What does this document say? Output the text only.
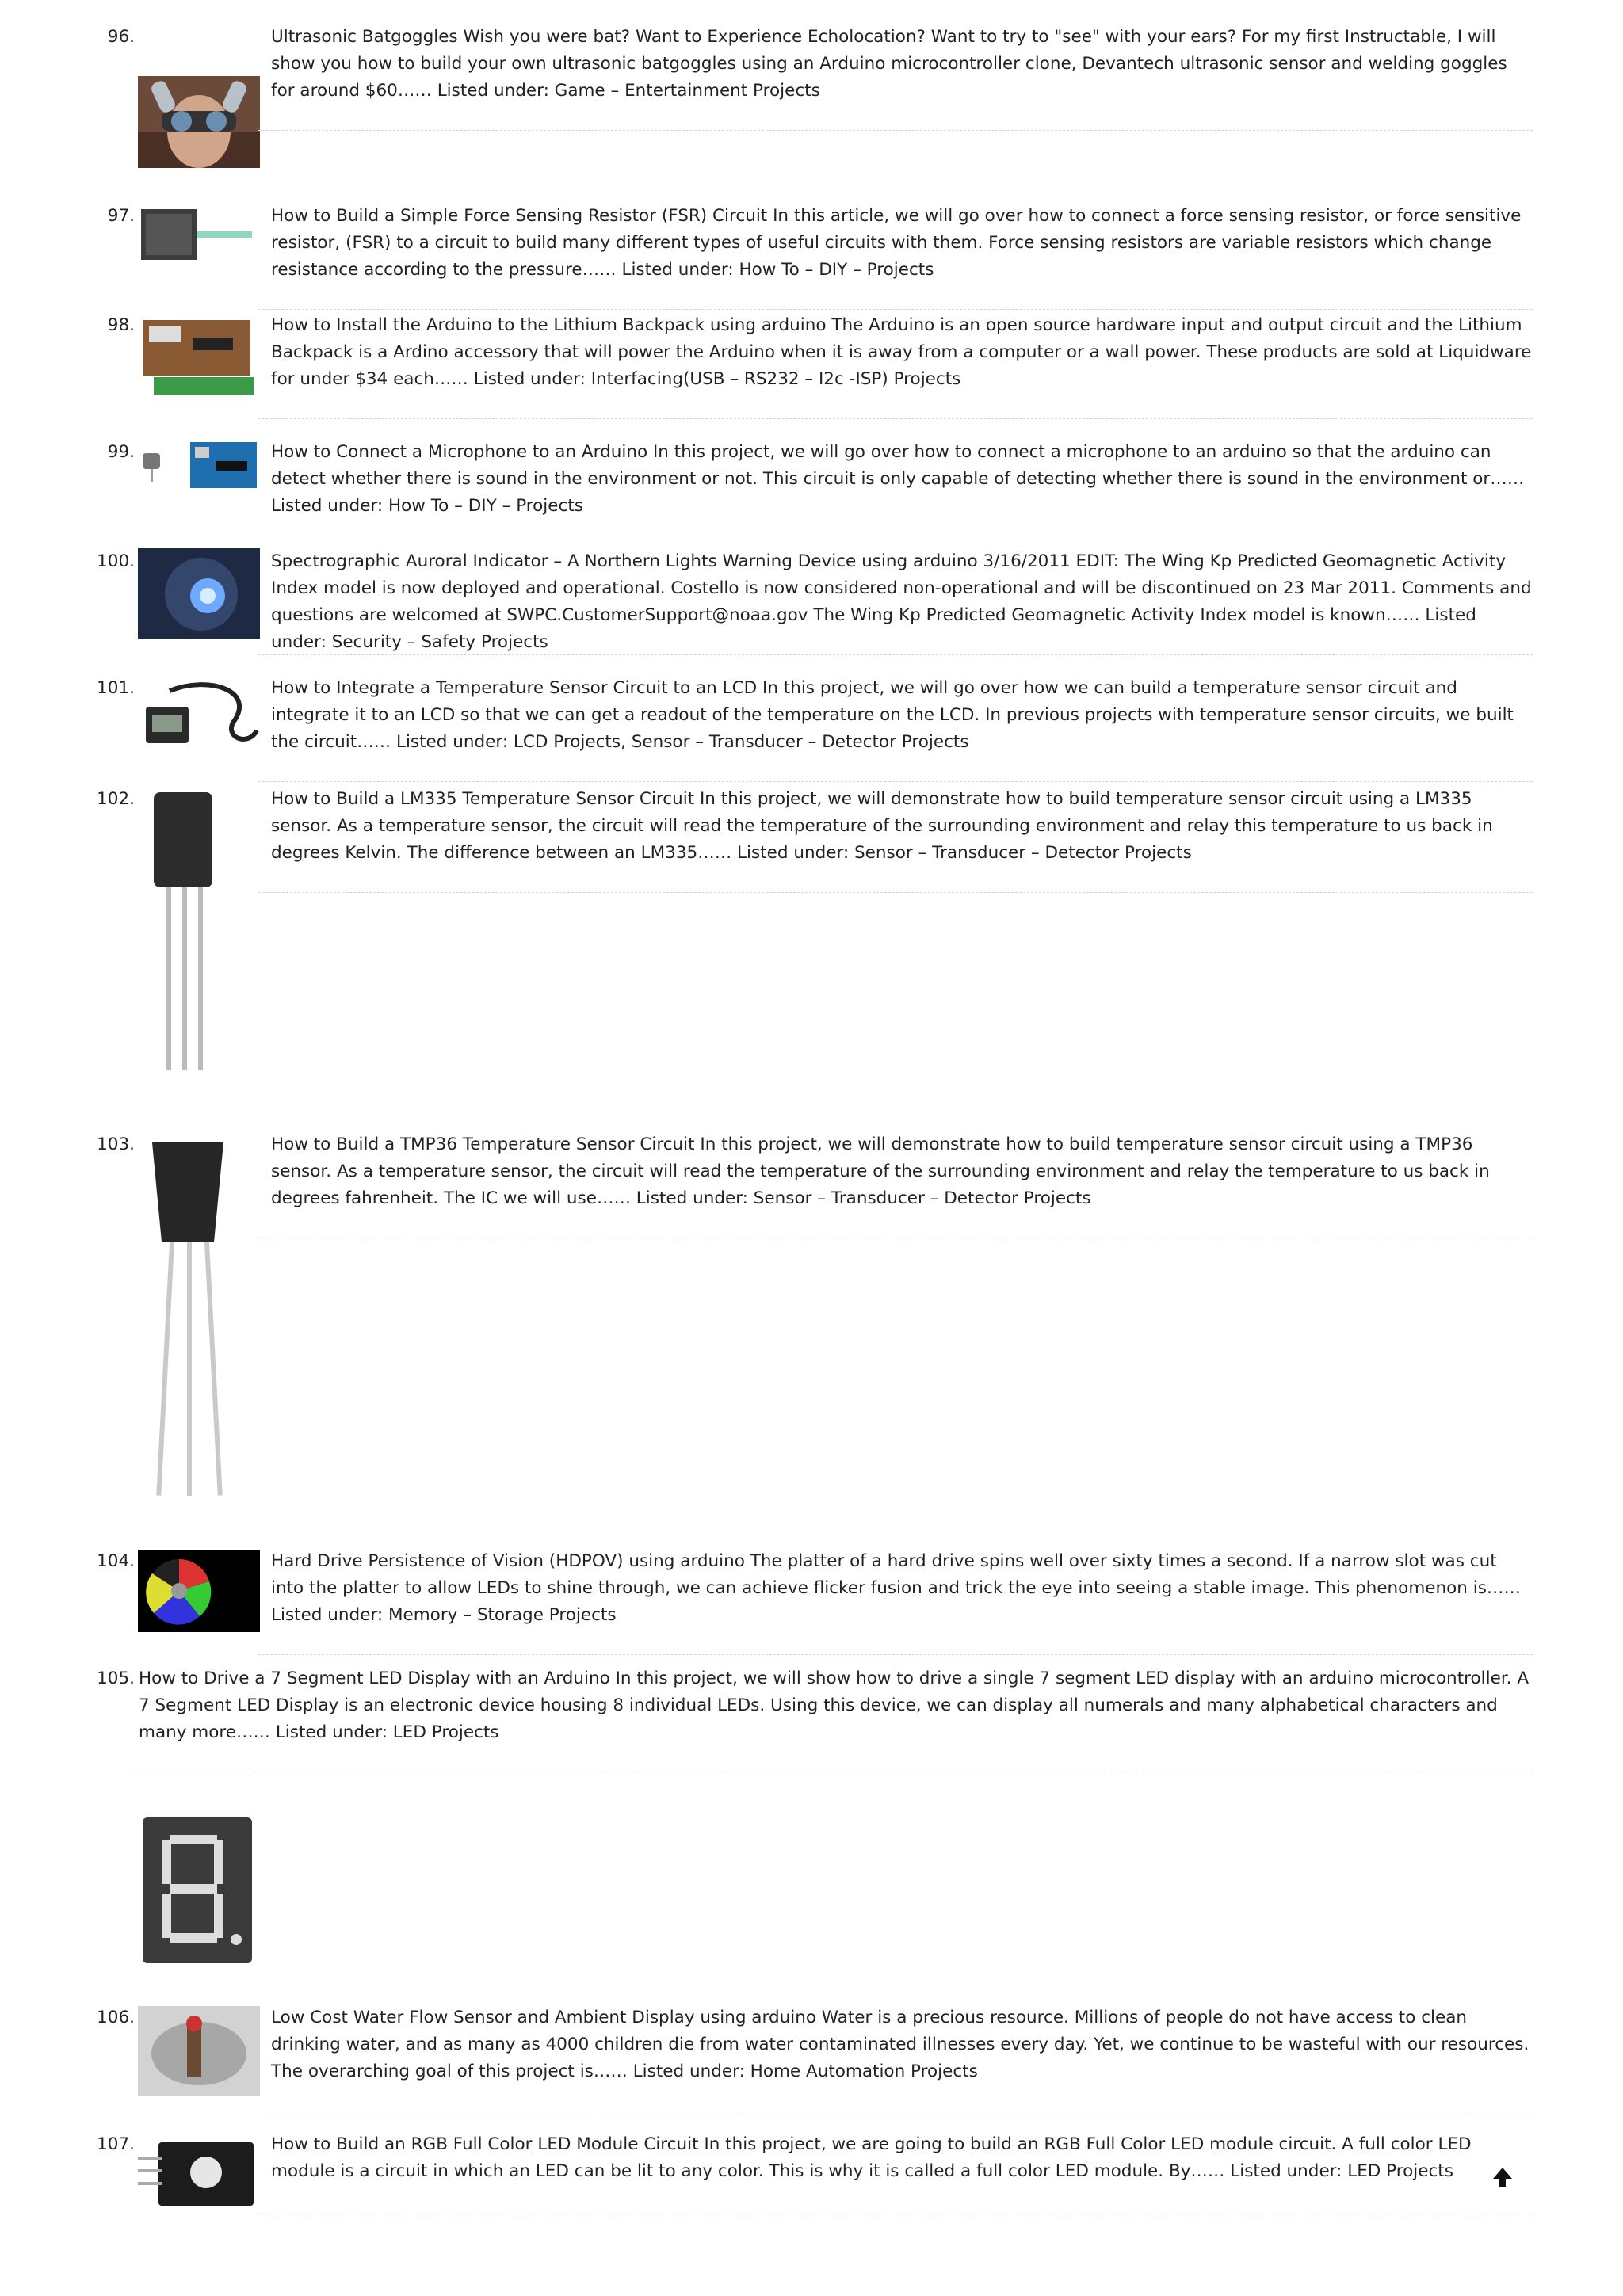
96.	Ultrasonic Batgoggles Wish you were bat? Want to Experience Echolocation? Want to try to "see" with your ears? For my first Instructable, I will show you how to build your own ultrasonic batgoggles using an Arduino microcontroller clone, Devantech ultrasonic sensor and welding goggles for around $60…… Listed under: Game – Entertainment Projects
97.	How to Build a Simple Force Sensing Resistor (FSR) Circuit In this article, we will go over how to connect a force sensing resistor, or force sensitive resistor, (FSR) to a circuit to build many different types of useful circuits with them. Force sensing resistors are variable resistors which change resistance according to the pressure…… Listed under: How To – DIY – Projects
98.	How to Install the Arduino to the Lithium Backpack using arduino The Arduino is an open source hardware input and output circuit and the Lithium Backpack is a Ardino accessory that will power the Arduino when it is away from a computer or a wall power. These products are sold at Liquidware for under $34 each…… Listed under: Interfacing(USB – RS232 – I2c -ISP) Projects
99.	How to Connect a Microphone to an Arduino In this project, we will go over how to connect a microphone to an arduino so that the arduino can detect whether there is sound in the environment or not. This circuit is only capable of detecting whether there is sound in the environment or…… Listed under: How To – DIY – Projects
100.	Spectrographic Auroral Indicator – A Northern Lights Warning Device using arduino 3/16/2011 EDIT: The Wing Kp Predicted Geomagnetic Activity Index model is now deployed and operational. Costello is now considered non-operational and will be discontinued on 23 Mar 2011. Comments and questions are welcomed at SWPC.CustomerSupport@noaa.gov The Wing Kp Predicted Geomagnetic Activity Index model is known…… Listed under: Security – Safety Projects
101.	How to Integrate a Temperature Sensor Circuit to an LCD In this project, we will go over how we can build a temperature sensor circuit and integrate it to an LCD so that we can get a readout of the temperature on the LCD. In previous projects with temperature sensor circuits, we built the circuit…… Listed under: LCD Projects, Sensor – Transducer – Detector Projects
102.	How to Build a LM335 Temperature Sensor Circuit In this project, we will demonstrate how to build temperature sensor circuit using a LM335 sensor. As a temperature sensor, the circuit will read the temperature of the surrounding environment and relay this temperature to us back in degrees Kelvin. The difference between an LM335…… Listed under: Sensor – Transducer – Detector Projects
103.	How to Build a TMP36 Temperature Sensor Circuit In this project, we will demonstrate how to build temperature sensor circuit using a TMP36 sensor. As a temperature sensor, the circuit will read the temperature of the surrounding environment and relay the temperature to us back in degrees fahrenheit. The IC we will use…… Listed under: Sensor – Transducer – Detector Projects
104.	Hard Drive Persistence of Vision (HDPOV) using arduino The platter of a hard drive spins well over sixty times a second. If a narrow slot was cut into the platter to allow LEDs to shine through, we can achieve flicker fusion and trick the eye into seeing a stable image. This phenomenon is…… Listed under: Memory – Storage Projects
105. How to Drive a 7 Segment LED Display with an Arduino In this project, we will show how to drive a single 7 segment LED display with an arduino microcontroller. A 7 Segment LED Display is an electronic device housing 8 individual LEDs. Using this device, we can display all numerals and many alphabetical characters and many more…… Listed under: LED Projects
106.	Low Cost Water Flow Sensor and Ambient Display using arduino Water is a precious resource. Millions of people do not have access to clean drinking water, and as many as 4000 children die from water contaminated illnesses every day. Yet, we continue to be wasteful with our resources. The overarching goal of this project is…… Listed under: Home Automation Projects
107.	How to Build an RGB Full Color LED Module Circuit In this project, we are going to build an RGB Full Color LED module circuit. A full color LED module is a circuit in which an LED can be lit to any color. This is why it is called a full color LED module. By…… Listed under: LED Projects
